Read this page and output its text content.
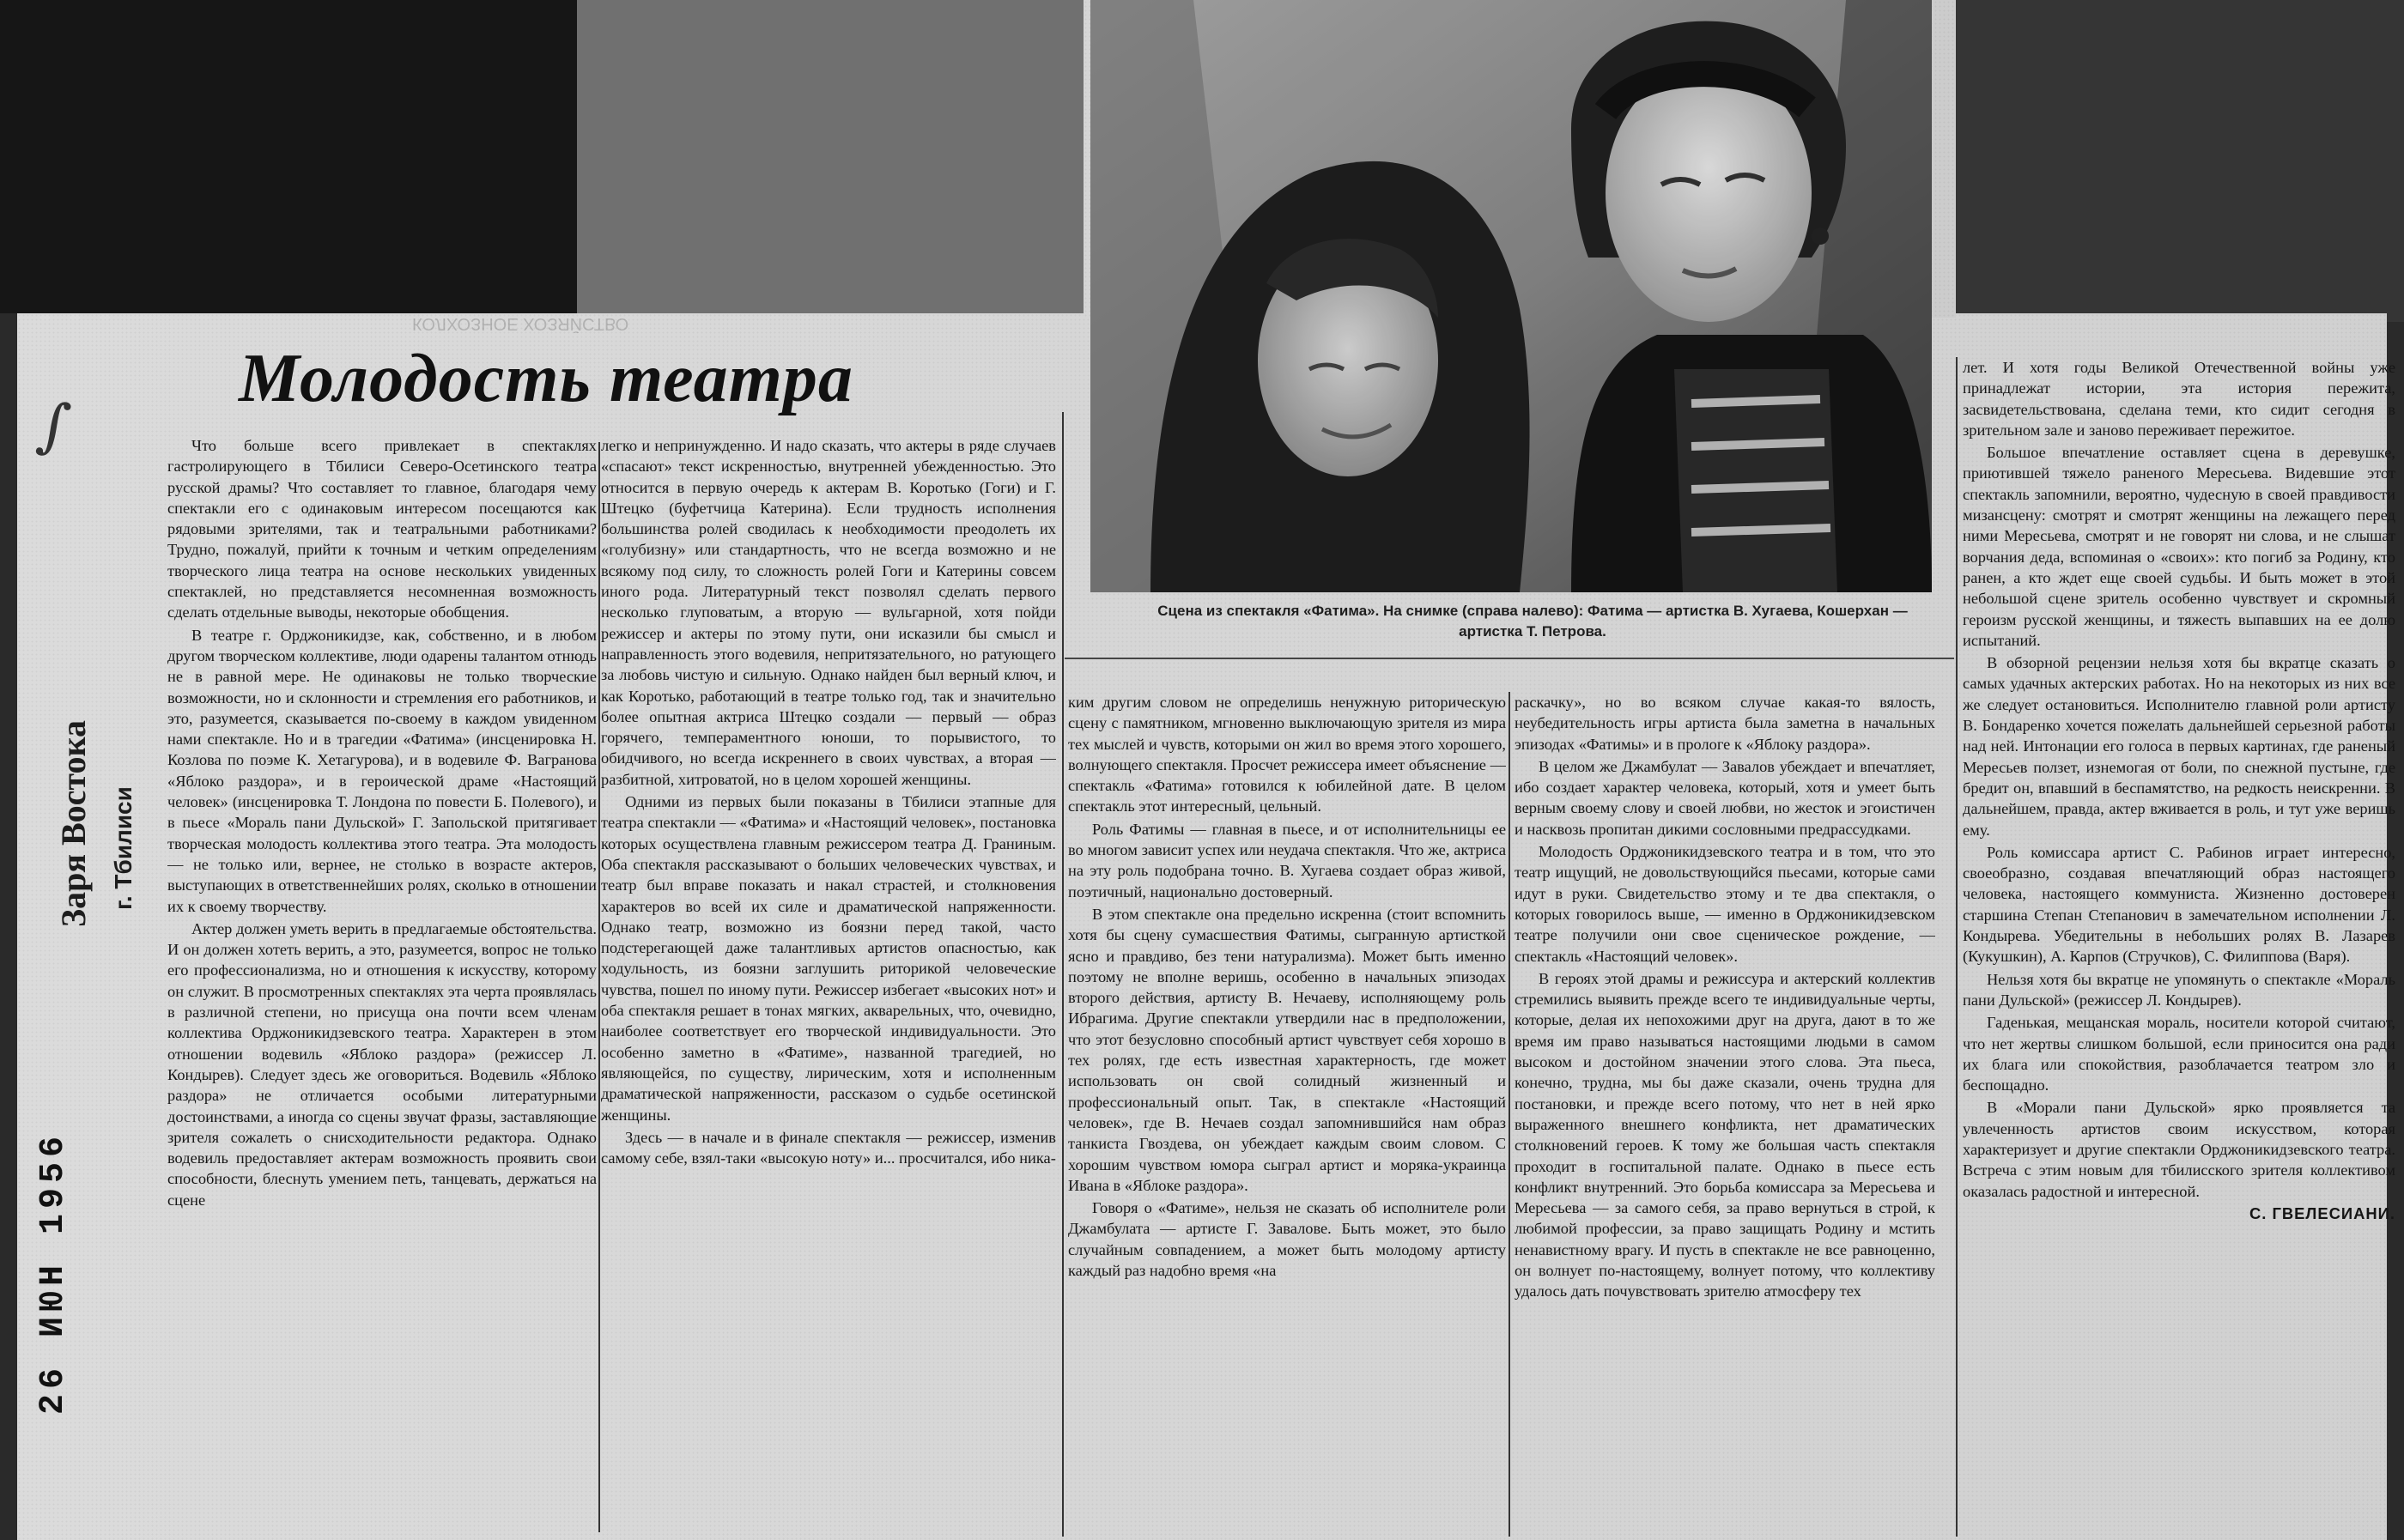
Сцена из спектакля «Фатима». На снимке (справа налево): Фатима — артистка В. Хугаева, Кошерхан — артистка Т. Петрова.
∫
Заря Востока г. Тбилиси
26 ИЮН 1956
КОЛХОЗНОЕ ХОЗЯЙСТВО
Молодость театра

Что больше всего привлекает в спектаклях гастролирующего в Тбилиси Северо-Осетинского театра русской драмы? Что составляет то главное, благодаря чему спектакли его с одинаковым интересом посещаются как рядовыми зрителями, так и театральными работниками? Трудно, пожалуй, прийти к точным и четким определениям творческого лица театра на основе нескольких увиденных спектаклей, но представляется несомненная возможность сделать отдельные выводы, некоторые обобщения.

В театре г. Орджоникидзе, как, собственно, и в любом другом творческом коллективе, люди одарены талантом отнюдь не в равной мере. Не одинаковы не только творческие возможности, но и склонности и стремления его работников, и это, разумеется, сказывается по-своему в каждом увиденном нами спектакле. Но и в трагедии «Фатима» (инсценировка Н. Козлова по поэме К. Хетагурова), и в водевиле Ф. Вагранова «Яблоко раздора», и в героической драме «Настоящий человек» (инсценировка Т. Лондона по повести Б. Полевого), и в пьесе «Мораль пани Дульской» Г. Запольской притягивает творческая молодость коллектива этого театра. Эта молодость — не только или, вернее, не столько в возрасте актеров, выступающих в ответственнейших ролях, сколько в отношении их к своему творчеству.

Актер должен уметь верить в предлагаемые обстоятельства. И он должен хотеть верить, а это, разумеется, вопрос не только его профессионализма, но и отношения к искусству, которому он служит. В просмотренных спектаклях эта черта проявлялась в различной степени, но присуща она почти всем членам коллектива Орджоникидзевского театра. Характерен в этом отношении водевиль «Яблоко раздора» (режиссер Л. Кондырев). Следует здесь же оговориться. Водевиль «Яблоко раздора» не отличается особыми литературными достоинствами, а иногда со сцены звучат фразы, заставляющие зрителя сожалеть о снисходительности редактора. Однако водевиль предоставляет актерам возможность проявить свои способности, блеснуть умением петь, танцевать, держаться на сцене

легко и непринужденно. И надо сказать, что актеры в ряде случаев «спасают» текст искренностью, внутренней убежденностью. Это относится в первую очередь к актерам В. Коротько (Гоги) и Г. Штецко (буфетчица Катерина). Если трудность исполнения большинства ролей сводилась к необходимости преодолеть их «голубизну» или стандартность, что не всегда возможно и не всякому под силу, то сложность ролей Гоги и Катерины совсем иного рода. Литературный текст позволял сделать первого несколько глуповатым, а вторую — вульгарной, хотя пойди режиссер и актеры по этому пути, они исказили бы смысл и направленность этого водевиля, непритязательного, но ратующего за любовь чистую и сильную. Однако найден был верный ключ, и как Коротько, работающий в театре только год, так и значительно более опытная актриса Штецко создали — первый — образ горячего, темпераментного юноши, то порывистого, то обидчивого, но всегда искреннего в своих чувствах, а вторая — разбитной, хитроватой, но в целом хорошей женщины.

Одними из первых были показаны в Тбилиси этапные для театра спектакли — «Фатима» и «Настоящий человек», постановка которых осуществлена главным режиссером театра Д. Граниным. Оба спектакля рассказывают о больших человеческих чувствах, и театр был вправе показать и накал страстей, и столкновения характеров во всей их силе и драматической напряженности. Однако театр, возможно из боязни перед такой, часто подстерегающей даже талантливых артистов опасностью, как ходульность, из боязни заглушить риторикой человеческие чувства, пошел по иному пути. Режиссер избегает «высоких нот» и оба спектакля решает в тонах мягких, акварельных, что, очевидно, наиболее соответствует его творческой индивидуальности. Это особенно заметно в «Фатиме», названной трагедией, но являющейся, по существу, лирическим, хотя и исполненным драматической напряженности, рассказом о судьбе осетинской женщины.

Здесь — в начале и в финале спектакля — режиссер, изменив самому себе, взял-таки «высокую ноту» и... просчитался, ибо ника-

ким другим словом не определишь ненужную риторическую сцену с памятником, мгновенно выключающую зрителя из мира тех мыслей и чувств, которыми он жил во время этого хорошего, волнующего спектакля. Просчет режиссера имеет объяснение — спектакль «Фатима» готовился к юбилейной дате. В целом спектакль этот интересный, цельный.

Роль Фатимы — главная в пьесе, и от исполнительницы ее во многом зависит успех или неудача спектакля. Что же, актриса на эту роль подобрана точно. В. Хугаева создает образ живой, поэтичный, национально достоверный.

В этом спектакле она предельно искренна (стоит вспомнить хотя бы сцену сумасшествия Фатимы, сыгранную артисткой ясно и правдиво, без тени натурализма). Может быть именно поэтому не вполне веришь, особенно в начальных эпизодах второго действия, артисту В. Нечаеву, исполняющему роль Ибрагима. Другие спектакли утвердили нас в предположении, что этот безусловно способный артист чувствует себя хорошо в тех ролях, где есть известная характерность, где может использовать он свой солидный жизненный и профессиональный опыт. Так, в спектакле «Настоящий человек», где В. Нечаев создал запомнившийся нам образ танкиста Гвоздева, он убеждает каждым своим словом. С хорошим чувством юмора сыграл артист и моряка-украинца Ивана в «Яблоке раздора».

Говоря о «Фатиме», нельзя не сказать об исполнителе роли Джамбулата — артисте Г. Завалове. Быть может, это было случайным совпадением, а может быть молодому артисту каждый раз надобно время «на

раскачку», но во всяком случае какая-то вялость, неубедительность игры артиста была заметна в начальных эпизодах «Фатимы» и в прологе к «Яблоку раздора».

В целом же Джамбулат — Завалов убеждает и впечатляет, ибо создает характер человека, который, хотя и умеет быть верным своему слову и своей любви, но жесток и эгоистичен и насквозь пропитан дикими сословными предрассудками.

Молодость Орджоникидзевского театра и в том, что это театр ищущий, не довольствующийся пьесами, которые сами идут в руки. Свидетельство этому и те два спектакля, о которых говорилось выше, — именно в Орджоникидзевском театре получили они свое сценическое рождение, — спектакль «Настоящий человек».

В героях этой драмы и режиссура и актерский коллектив стремились выявить прежде всего те индивидуальные черты, которые, делая их непохожими друг на друга, дают в то же время им право называться настоящими людьми в самом высоком и достойном значении этого слова. Эта пьеса, конечно, трудна, мы бы даже сказали, очень трудна для постановки, и прежде всего потому, что нет в ней ярко выраженного внешнего конфликта, нет драматических столкновений героев. К тому же большая часть спектакля проходит в госпитальной палате. Однако в пьесе есть конфликт внутренний. Это борьба комиссара за Мересьева и Мересьева — за самого себя, за право вернуться в строй, к любимой профессии, за право защищать Родину и мстить ненавистному врагу. И пусть в спектакле не все равноценно, он волнует по-настоящему, волнует потому, что коллективу удалось дать почувствовать зрителю атмосферу тех

лет. И хотя годы Великой Отечественной войны уже принадлежат истории, эта история пережита, засвидетельствована, сделана теми, кто сидит сегодня в зрительном зале и заново переживает пережитое.

Большое впечатление оставляет сцена в деревушке, приютившей тяжело раненого Мересьева. Видевшие этот спектакль запомнили, вероятно, чудесную в своей правдивости мизансцену: смотрят и смотрят женщины на лежащего перед ними Мересьева, смотрят и не говорят ни слова, и не слышат ворчания деда, вспоминая о «своих»: кто погиб за Родину, кто ранен, а кто ждет еще своей судьбы. И быть может в этой небольшой сцене зритель особенно чувствует и скромный героизм русской женщины, и тяжесть выпавших на ее долю испытаний.

В обзорной рецензии нельзя хотя бы вкратце сказать о самых удачных актерских работах. Но на некоторых из них все же следует остановиться. Исполнителю главной роли артисту В. Бондаренко хочется пожелать дальнейшей серьезной работы над ней. Интонации его голоса в первых картинах, где раненый Мересьев ползет, изнемогая от боли, по снежной пустыне, где бредит он, впавший в беспамятство, на редкость неискренни. В дальнейшем, правда, актер вживается в роль, и тут уже веришь ему.

Роль комиссара артист С. Рабинов играет интересно, своеобразно, создавая впечатляющий образ настоящего человека, настоящего коммуниста. Жизненно достоверен старшина Степан Степанович в замечательном исполнении Л. Кондырева. Убедительны в небольших ролях В. Лазарев (Кукушкин), А. Карпов (Стручков), С. Филиппова (Варя).

Нельзя хотя бы вкратце не упомянуть о спектакле «Мораль пани Дульской» (режиссер Л. Кондырев).

Гаденькая, мещанская мораль, носители которой считают, что нет жертвы слишком большой, если приносится она ради их блага или спокойствия, разоблачается театром зло и беспощадно.

В «Морали пани Дульской» ярко проявляется та увлеченность артистов своим искусством, которая характеризует и другие спектакли Орджоникидзевского театра. Встреча с этим новым для тбилисского зрителя коллективом оказалась радостной и интересной.

С. ГВЕЛЕСИАНИ.
